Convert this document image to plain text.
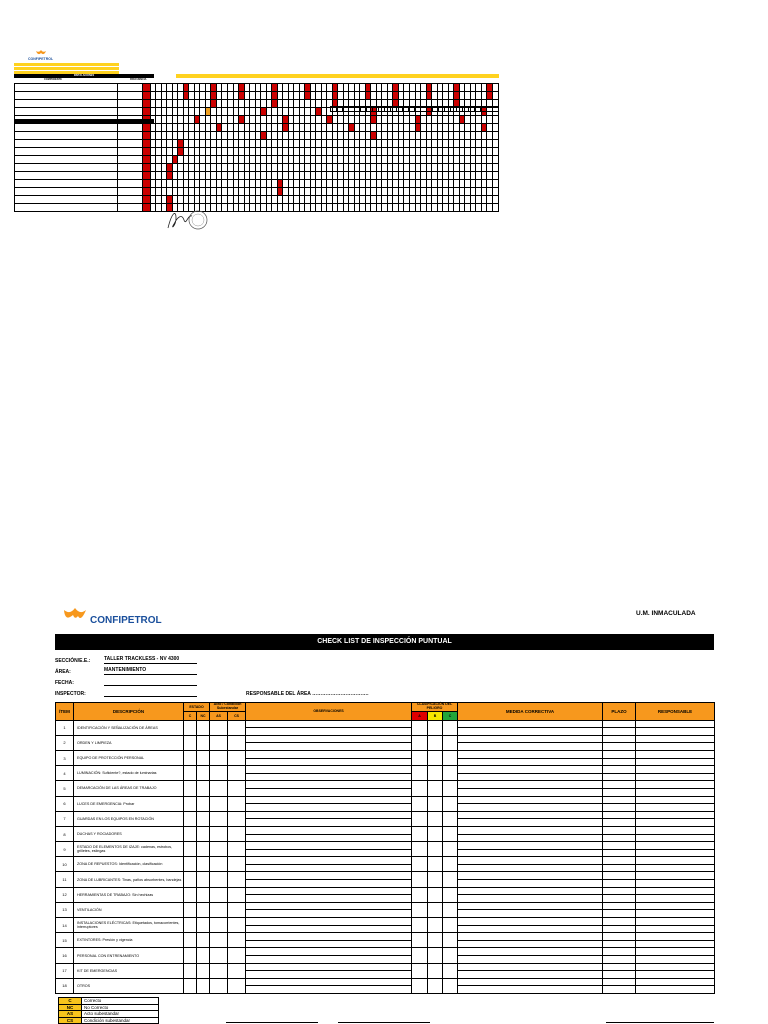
CONFIPETROL
INSTALACIONES
COMPONENTE	FRECUENCIA

CONFIPETROL
U.M. INMACULADA
CHECK LIST DE INSPECCIÓN PUNTUAL
SECCIÓN/E.E.:	TALLER TRACKLESS - NV 4300
ÁREA:	MANTENIMIENTO
FECHA:
INSPECTOR:	RESPONSABLE DEL ÁREA …………………………….
ÍTEM	DESCRIPCIÓN	ESTADO		Acto / Condición Subestandar		OBSERVACIONES	CLASIFICACIÓN DEL PELIGRO			MEDIDA CORRECTIVA	PLAZO	RESPONSABLE
		C	NC	AS	CS		A	B	C			
1	IDENTIFICACIÓN Y SEÑALIZACIÓN DE ÁREAS											

2	ORDEN Y LIMPIEZA											

3	EQUIPO DE PROTECCIÓN PERSONAL											

4	LUMINACIÓN: Suficiente?, estado de luminarias											

5	DEMARCACIÓN DE LAS ÁREAS DE TRABAJO											

6	LUCES DE EMERGENCIA: Probar											

7	GUARDAS EN LOS EQUIPOS EN ROTACIÓN											

8	DUCHAS Y ROCIADORES											

9	ESTADO DE ELEMENTOS DE IZAJE: cadenas, estrobos, grilletes, eslingas											

10	ZONA DE REPUESTOS: Identificación, clasificación											

11	ZONA DE LUBRICANTES: Tinas, paños absorbentes, bandejas											

12	HERRAMIENTAS DE TRABAJO: Sin hechizas											

13	VENTILACIÓN											

14	INSTALACIONES ELÉCTRICAS: Etiquetados, tomacorrientes, interruptores											

15	EXTINTORES: Presión y vigencia											

16	PERSONAL CON ENTRENAMIENTO											

17	KIT DE EMERGENCIAS											

18	OTROS											

C	Correcto
NC	No Correcto
AS	Acto subestandar
CS	Condición subestandar
